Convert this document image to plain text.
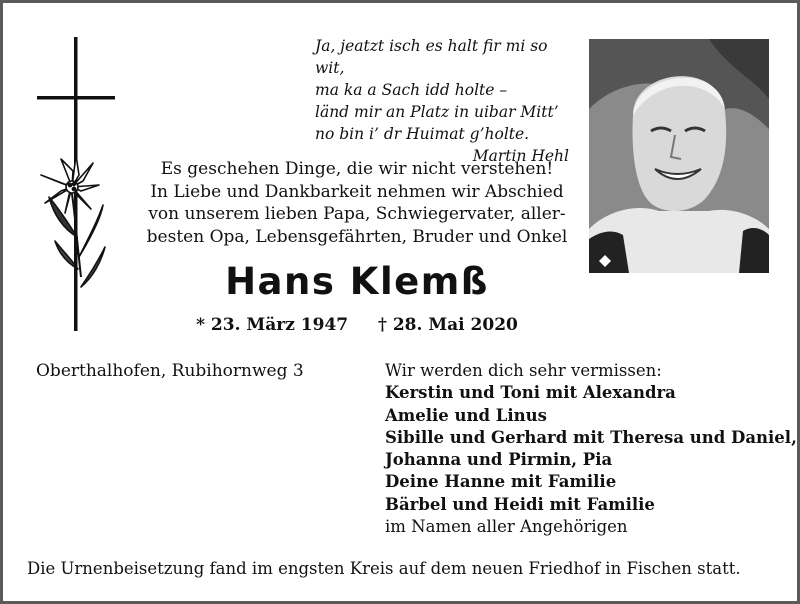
Ja, jeatzt isch es halt fir mi so wit,
ma ka a Sach idd holte –
länd mir an Platz in uibar Mitt’
no bin i’ dr Huimat g’holte.
Martin Hehl
Es geschehen Dinge, die wir nicht verstehen!
In Liebe und Dankbarkeit nehmen wir Abschied
von unserem lieben Papa, Schwiegervater, aller-
besten Opa, Lebensgefährten, Bruder und Onkel
Hans Klemß
* 23. März 1947 † 28. Mai 2020
Oberthalhofen, Rubihornweg 3	Wir werden dich sehr vermissen:
Kerstin und Toni mit Alexandra
Amelie und Linus
Sibille und Gerhard mit Theresa und Daniel,
Johanna und Pirmin, Pia
Deine Hanne mit Familie
Bärbel und Heidi mit Familie
im Namen aller Angehörigen
Die Urnenbeisetzung fand im engsten Kreis auf dem neuen Friedhof in Fischen statt.
